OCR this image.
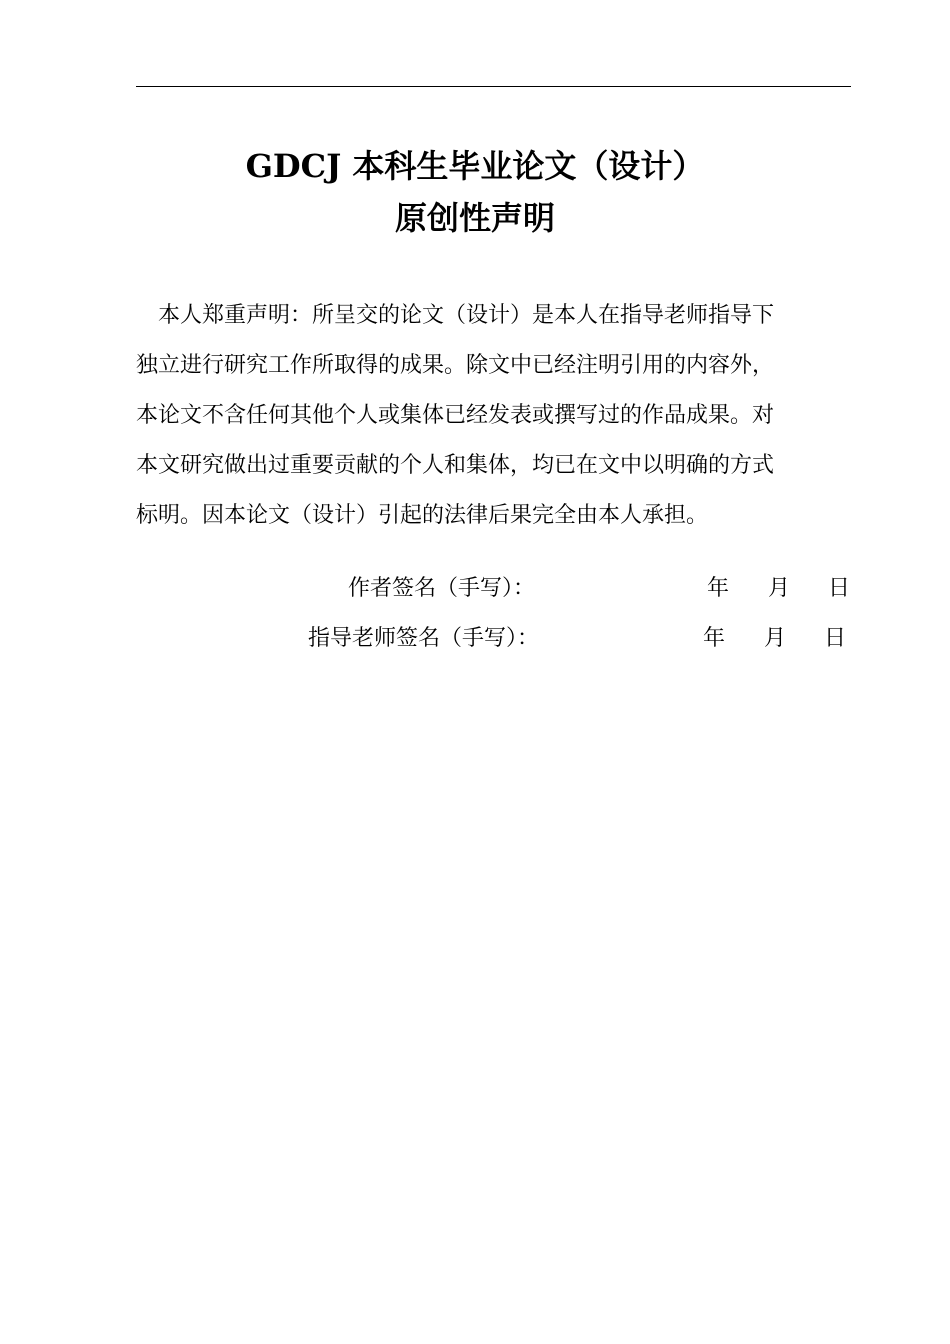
GDCJ 本科生毕业论文（设计）
原创性声明
　本人郑重声明：所呈交的论文（设计）是本人在指导老师指导下
独立进行研究工作所取得的成果。除文中已经注明引用的内容外，
本论文不含任何其他个人或集体已经发表或撰写过的作品成果。对
本文研究做出过重要贡献的个人和集体，均已在文中以明确的方式
标明。因本论文（设计）引起的法律后果完全由本人承担。
作者签名（手写）：	年 月 日
指导老师签名（手写）：	年 月 日
